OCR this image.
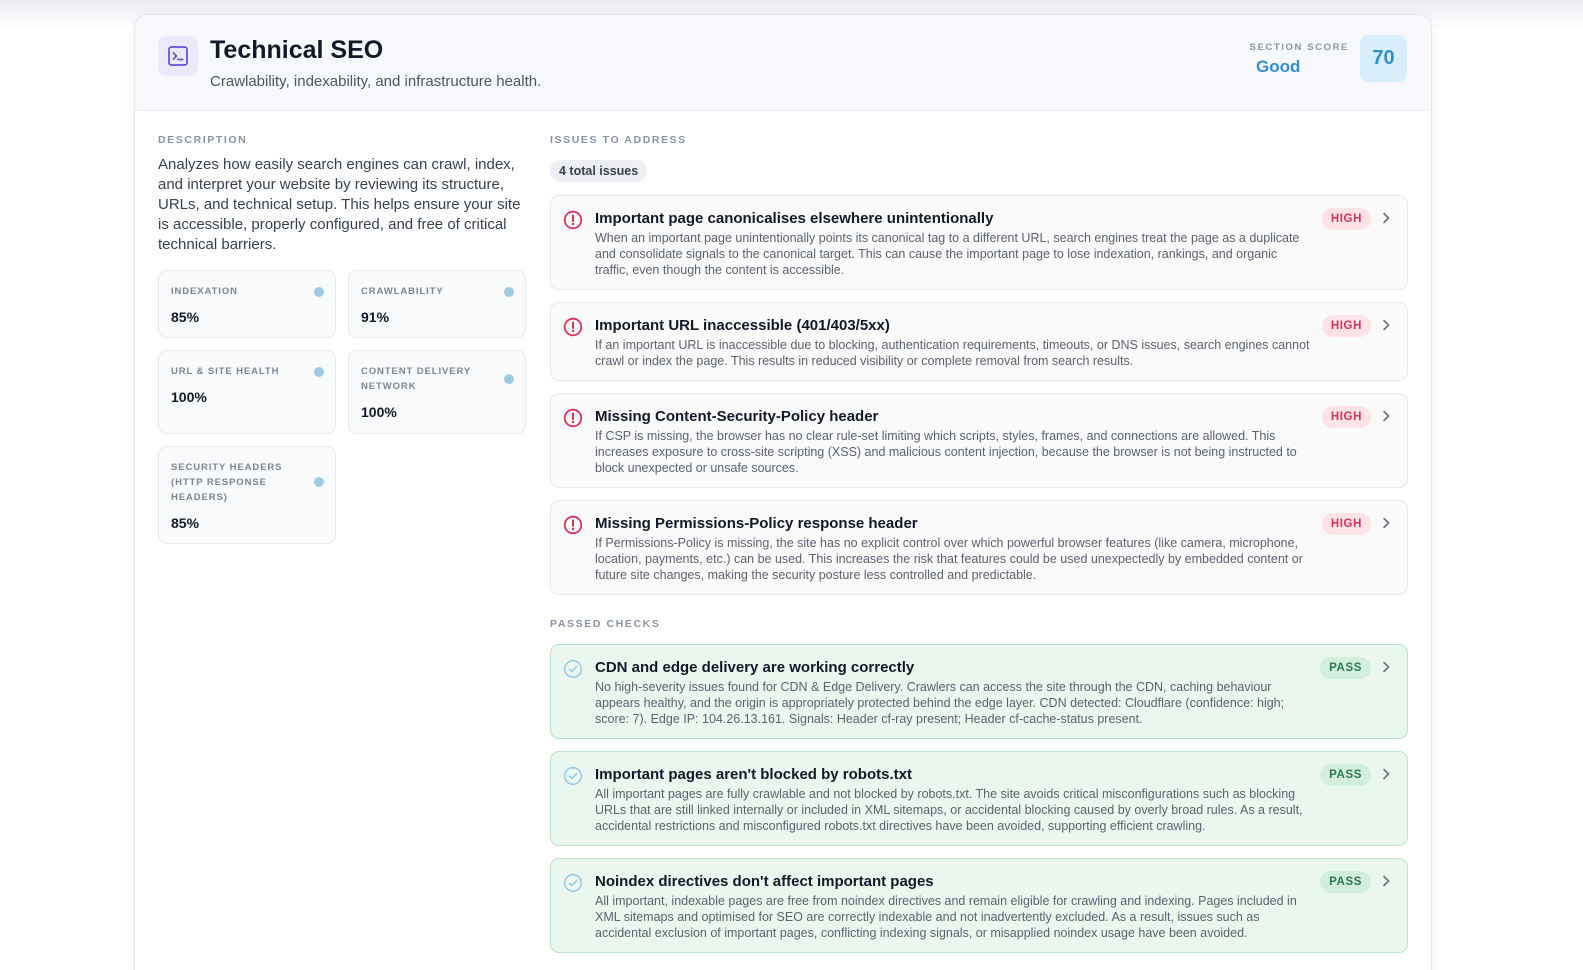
Technical SEO
Crawlability, indexability, and infrastructure health.
SECTION SCORE
Good	70
DESCRIPTION
Analyzes how easily search engines can crawl, index, and interpret your website by reviewing its structure, URLs, and technical setup. This helps ensure your site is accessible, properly configured, and free of critical technical barriers.
INDEXATION
85%
CRAWLABILITY
91%
URL & SITE HEALTH
100%
CONTENT DELIVERY NETWORK
100%
SECURITY HEADERS (HTTP RESPONSE HEADERS)
85%
ISSUES TO ADDRESS
4 total issues
Important page canonicalises elsewhere unintentionally
When an important page unintentionally points its canonical tag to a different URL, search engines treat the page as a duplicate and consolidate signals to the canonical target. This can cause the important page to lose indexation, rankings, and organic traffic, even though the content is accessible.
HIGH
Important URL inaccessible (401/403/5xx)
If an important URL is inaccessible due to blocking, authentication requirements, timeouts, or DNS issues, search engines cannot crawl or index the page. This results in reduced visibility or complete removal from search results.
HIGH
Missing Content-Security-Policy header
If CSP is missing, the browser has no clear rule-set limiting which scripts, styles, frames, and connections are allowed. This increases exposure to cross-site scripting (XSS) and malicious content injection, because the browser is not being instructed to block unexpected or unsafe sources.
HIGH
Missing Permissions-Policy response header
If Permissions-Policy is missing, the site has no explicit control over which powerful browser features (like camera, microphone, location, payments, etc.) can be used. This increases the risk that features could be used unexpectedly by embedded content or future site changes, making the security posture less controlled and predictable.
HIGH
PASSED CHECKS
CDN and edge delivery are working correctly
No high-severity issues found for CDN & Edge Delivery. Crawlers can access the site through the CDN, caching behaviour appears healthy, and the origin is appropriately protected behind the edge layer. CDN detected: Cloudflare (confidence: high; score: 7). Edge IP: 104.26.13.161. Signals: Header cf-ray present; Header cf-cache-status present.
PASS
Important pages aren't blocked by robots.txt
All important pages are fully crawlable and not blocked by robots.txt. The site avoids critical misconfigurations such as blocking URLs that are still linked internally or included in XML sitemaps, or accidental blocking caused by overly broad rules. As a result, accidental restrictions and misconfigured robots.txt directives have been avoided, supporting efficient crawling.
PASS
Noindex directives don't affect important pages
All important, indexable pages are free from noindex directives and remain eligible for crawling and indexing. Pages included in XML sitemaps and optimised for SEO are correctly indexable and not inadvertently excluded. As a result, issues such as accidental exclusion of important pages, conflicting indexing signals, or misapplied noindex usage have been avoided.
PASS
